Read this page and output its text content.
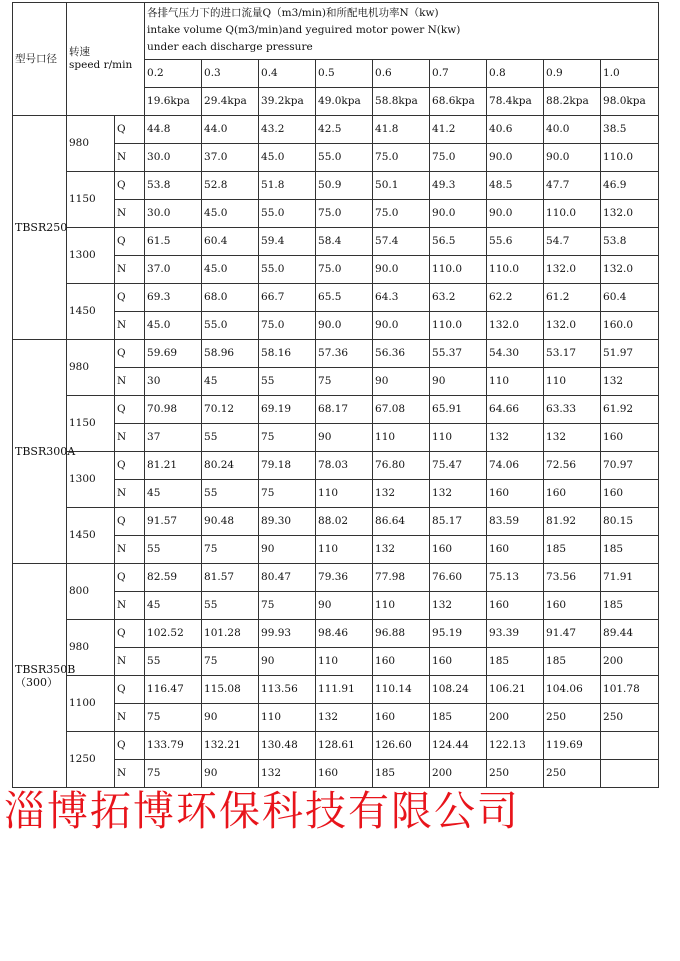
型号口径	转速
speed r/min		各排气压力下的进口流量Q（m3/min)和所配电机功率N（kw)
intake volume Q(m3/min)and yeguired motor power N(kw)
under each discharge pressure								
			0.2	0.3	0.4	0.5	0.6	0.7	0.8	0.9	1.0
			19.6kpa	29.4kpa	39.2kpa	49.0kpa	58.8kpa	68.6kpa	78.4kpa	88.2kpa	98.0kpa
TBSR250	980	Q	44.8	44.0	43.2	42.5	41.8	41.2	40.6	40.0	38.5
		N	30.0	37.0	45.0	55.0	75.0	75.0	90.0	90.0	110.0
	1150	Q	53.8	52.8	51.8	50.9	50.1	49.3	48.5	47.7	46.9
		N	30.0	45.0	55.0	75.0	75.0	90.0	90.0	110.0	132.0
	1300	Q	61.5	60.4	59.4	58.4	57.4	56.5	55.6	54.7	53.8
		N	37.0	45.0	55.0	75.0	90.0	110.0	110.0	132.0	132.0
	1450	Q	69.3	68.0	66.7	65.5	64.3	63.2	62.2	61.2	60.4
		N	45.0	55.0	75.0	90.0	90.0	110.0	132.0	132.0	160.0
TBSR300A	980	Q	59.69	58.96	58.16	57.36	56.36	55.37	54.30	53.17	51.97
		N	30	45	55	75	90	90	110	110	132
	1150	Q	70.98	70.12	69.19	68.17	67.08	65.91	64.66	63.33	61.92
		N	37	55	75	90	110	110	132	132	160
	1300	Q	81.21	80.24	79.18	78.03	76.80	75.47	74.06	72.56	70.97
		N	45	55	75	110	132	132	160	160	160
	1450	Q	91.57	90.48	89.30	88.02	86.64	85.17	83.59	81.92	80.15
		N	55	75	90	110	132	160	160	185	185
TBSR350B
（300）	800	Q	82.59	81.57	80.47	79.36	77.98	76.60	75.13	73.56	71.91
		N	45	55	75	90	110	132	160	160	185
	980	Q	102.52	101.28	99.93	98.46	96.88	95.19	93.39	91.47	89.44
		N	55	75	90	110	160	160	185	185	200
	1100	Q	116.47	115.08	113.56	111.91	110.14	108.24	106.21	104.06	101.78
		N	75	90	110	132	160	185	200	250	250
	1250	Q	133.79	132.21	130.48	128.61	126.60	124.44	122.13	119.69	
		N	75	90	132	160	185	200	250	250	
淄博拓博环保科技有限公司
